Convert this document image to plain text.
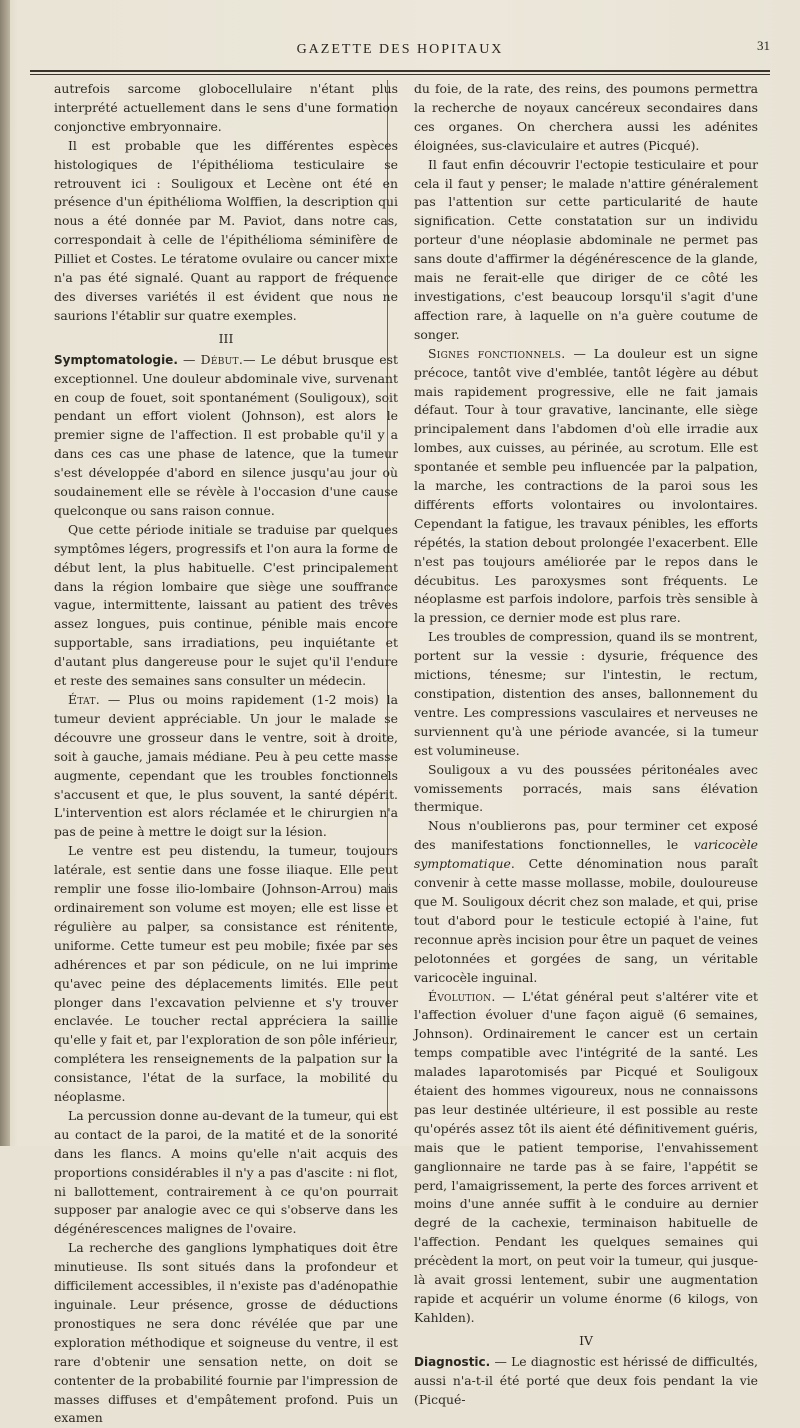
GAZETTE DES HOPITAUX	31

autrefois sarcome globocellulaire n'étant plus interprété actuellement dans le sens d'une formation conjonctive embryonnaire.

Il est probable que les différentes espèces histologiques de l'épithélioma testiculaire se retrouvent ici : Souligoux et Lecène ont été en présence d'un épithélioma Wolffien, la description qui nous a été donnée par M. Paviot, dans notre cas, correspondait à celle de l'épithélioma séminifère de Pilliet et Costes. Le tératome ovulaire ou cancer mixte n'a pas été signalé. Quant au rapport de fréquence des diverses variétés il est évident que nous ne saurions l'établir sur quatre exemples.

III

Symptomatologie. — Début.— Le début brusque est exceptionnel. Une douleur abdominale vive, survenant en coup de fouet, soit spontanément (Souligoux), soit pendant un effort violent (Johnson), est alors le premier signe de l'affection. Il est probable qu'il y a dans ces cas une phase de latence, que la tumeur s'est développée d'abord en silence jusqu'au jour où soudainement elle se révèle à l'occasion d'une cause quelconque ou sans raison connue.

Que cette période initiale se traduise par quelques symptômes légers, progressifs et l'on aura la forme de début lent, la plus habituelle. C'est principalement dans la région lombaire que siège une souffrance vague, intermittente, laissant au patient des trêves assez longues, puis continue, pénible mais encore supportable, sans irradiations, peu inquiétante et d'autant plus dangereuse pour le sujet qu'il l'endure et reste des semaines sans consulter un médecin.

État. — Plus ou moins rapidement (1-2 mois) la tumeur devient appréciable. Un jour le malade se découvre une grosseur dans le ventre, soit à droite, soit à gauche, jamais médiane. Peu à peu cette masse augmente, cependant que les troubles fonctionnels s'accusent et que, le plus souvent, la santé dépérit. L'intervention est alors réclamée et le chirurgien n'a pas de peine à mettre le doigt sur la lésion.

Le ventre est peu distendu, la tumeur, toujours latérale, est sentie dans une fosse iliaque. Elle peut remplir une fosse ilio-lombaire (Johnson-Arrou) mais ordinairement son volume est moyen; elle est lisse et régulière au palper, sa consistance est rénitente, uniforme. Cette tumeur est peu mobile; fixée par ses adhérences et par son pédicule, on ne lui imprime qu'avec peine des déplacements limités. Elle peut plonger dans l'excavation pelvienne et s'y trouver enclavée. Le toucher rectal appréciera la saillie qu'elle y fait et, par l'exploration de son pôle inférieur, complétera les renseignements de la palpation sur la consistance, l'état de la surface, la mobilité du néoplasme.

La percussion donne au-devant de la tumeur, qui est au contact de la paroi, de la matité et de la sonorité dans les flancs. A moins qu'elle n'ait acquis des proportions considérables il n'y a pas d'ascite : ni flot, ni ballottement, contrairement à ce qu'on pourrait supposer par analogie avec ce qui s'observe dans les dégénérescences malignes de l'ovaire.

La recherche des ganglions lymphatiques doit être minutieuse. Ils sont situés dans la profondeur et difficilement accessibles, il n'existe pas d'adénopathie inguinale. Leur présence, grosse de déductions pronostiques ne sera donc révélée que par une exploration méthodique et soigneuse du ventre, il est rare d'obtenir une sensation nette, on doit se contenter de la probabilité fournie par l'impression de masses diffuses et d'empâtement profond. Puis un examen

du foie, de la rate, des reins, des poumons permettra la recherche de noyaux cancéreux secondaires dans ces organes. On cherchera aussi les adénites éloignées, sus-claviculaire et autres (Picqué).

Il faut enfin découvrir l'ectopie testiculaire et pour cela il faut y penser; le malade n'attire généralement pas l'attention sur cette particularité de haute signification. Cette constatation sur un individu porteur d'une néoplasie abdominale ne permet pas sans doute d'affirmer la dégénérescence de la glande, mais ne ferait-elle que diriger de ce côté les investigations, c'est beaucoup lorsqu'il s'agit d'une affection rare, à laquelle on n'a guère coutume de songer.

Signes fonctionnels. — La douleur est un signe précoce, tantôt vive d'emblée, tantôt légère au début mais rapidement progressive, elle ne fait jamais défaut. Tour à tour gravative, lancinante, elle siège principalement dans l'abdomen d'où elle irradie aux lombes, aux cuisses, au périnée, au scrotum. Elle est spontanée et semble peu influencée par la palpation, la marche, les contractions de la paroi sous les différents efforts volontaires ou involontaires. Cependant la fatigue, les travaux pénibles, les efforts répétés, la station debout prolongée l'exacerbent. Elle n'est pas toujours améliorée par le repos dans le décubitus. Les paroxysmes sont fréquents. Le néoplasme est parfois indolore, parfois très sensible à la pression, ce dernier mode est plus rare.

Les troubles de compression, quand ils se montrent, portent sur la vessie : dysurie, fréquence des mictions, ténesme; sur l'intestin, le rectum, constipation, distention des anses, ballonnement du ventre. Les compressions vasculaires et nerveuses ne surviennent qu'à une période avancée, si la tumeur est volumineuse.

Souligoux a vu des poussées péritonéales avec vomissements porracés, mais sans élévation thermique.

Nous n'oublierons pas, pour terminer cet exposé des manifestations fonctionnelles, le varicocèle symptomatique. Cette dénomination nous paraît convenir à cette masse mollasse, mobile, douloureuse que M. Souligoux décrit chez son malade, et qui, prise tout d'abord pour le testicule ectopié à l'aine, fut reconnue après incision pour être un paquet de veines pelotonnées et gorgées de sang, un véritable varicocèle inguinal.

Évolution. — L'état général peut s'altérer vite et l'affection évoluer d'une façon aiguë (6 semaines, Johnson). Ordinairement le cancer est un certain temps compatible avec l'intégrité de la santé. Les malades laparotomisés par Picqué et Souligoux étaient des hommes vigoureux, nous ne connaissons pas leur destinée ultérieure, il est possible au reste qu'opérés assez tôt ils aient été définitivement guéris, mais que le patient temporise, l'envahissement ganglionnaire ne tarde pas à se faire, l'appétit se perd, l'amaigrissement, la perte des forces arrivent et moins d'une année suffit à le conduire au dernier degré de la cachexie, terminaison habituelle de l'affection. Pendant les quelques semaines qui précèdent la mort, on peut voir la tumeur, qui jusque-là avait grossi lentement, subir une augmentation rapide et acquérir un volume énorme (6 kilogs, von Kahlden).

IV

Diagnostic. — Le diagnostic est hérissé de difficultés, aussi n'a-t-il été porté que deux fois pendant la vie (Picqué-
